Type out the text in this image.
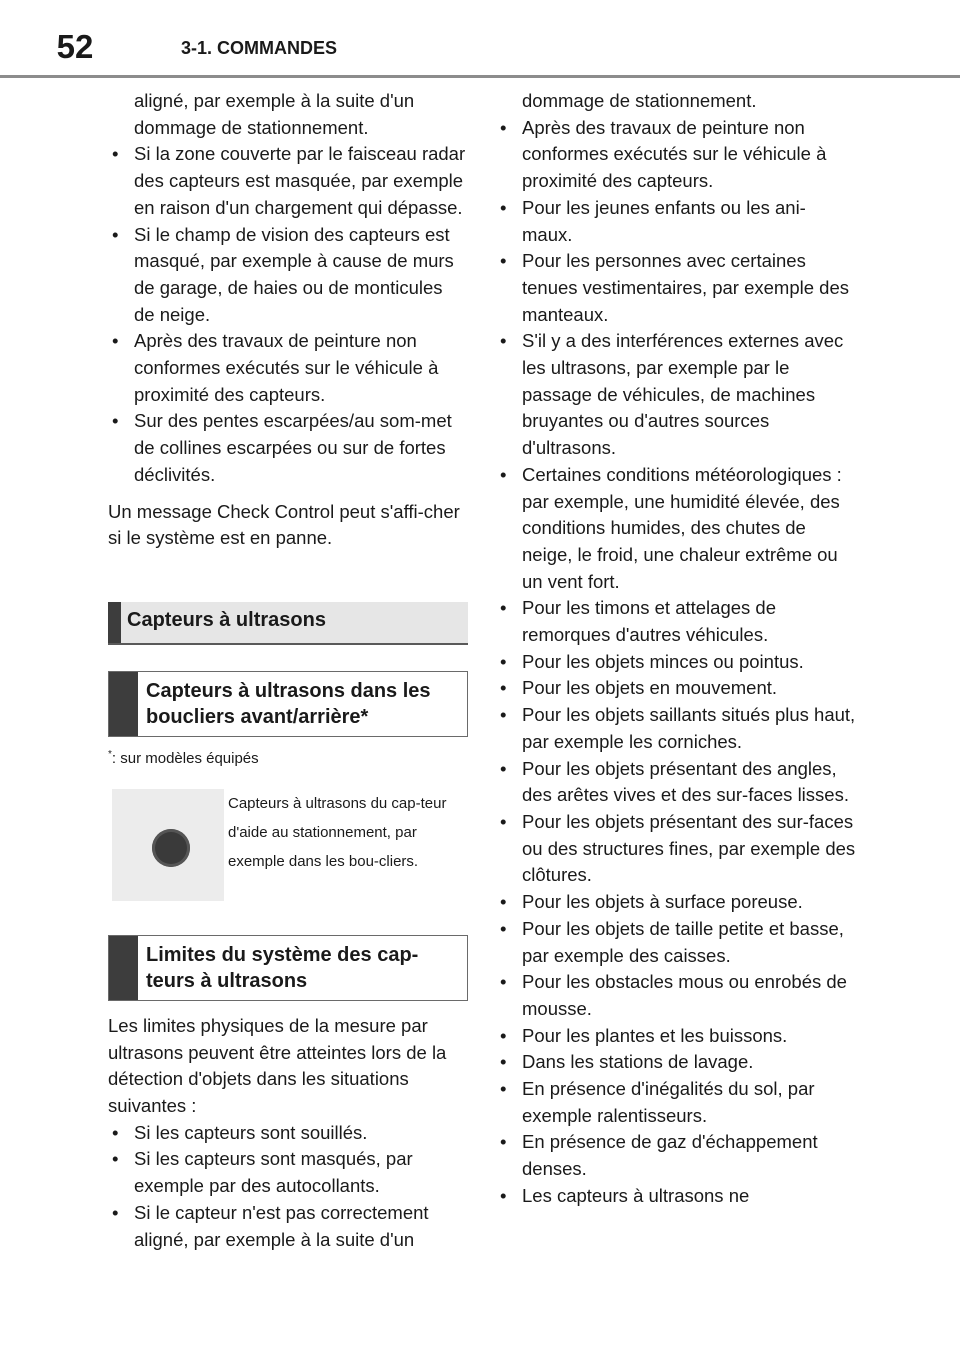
52	3-1. COMMANDES

aligné, par exemple à la suite d'un

dommage de stationnement.

• Si la zone couverte par le faisceau radar des capteurs est masquée, par exemple en raison d'un chargement qui dépasse.
• Si le champ de vision des capteurs est masqué, par exemple à cause de murs de garage, de haies ou de monticules de neige.
• Après des travaux de peinture non conformes exécutés sur le véhicule à proximité des capteurs.
• Sur des pentes escarpées/au som-met de collines escarpées ou sur de fortes déclivités.

Un message Check Control peut s'affi-cher si le système est en panne.

Capteurs à ultrasons
Capteurs à ultrasons dans les boucliers avant/arrière*
*: sur modèles équipés
Capteurs à ultrasons du cap-teur d'aide au stationnement, par exemple dans les bou-cliers.
Limites du système des cap-teurs à ultrasons

Les limites physiques de la mesure par ultrasons peuvent être atteintes lors de la détection d'objets dans les situations suivantes :

• Si les capteurs sont souillés.
• Si les capteurs sont masqués, par exemple par des autocollants.
• Si le capteur n'est pas correctement aligné, par exemple à la suite d'un

dommage de stationnement.

• Après des travaux de peinture non conformes exécutés sur le véhicule à proximité des capteurs.
• Pour les jeunes enfants ou les ani-maux.
• Pour les personnes avec certaines tenues vestimentaires, par exemple des manteaux.
• S'il y a des interférences externes avec les ultrasons, par exemple par le passage de véhicules, de machines bruyantes ou d'autres sources d'ultrasons.
• Certaines conditions météorologiques : par exemple, une humidité élevée, des conditions humides, des chutes de neige, le froid, une chaleur extrême ou un vent fort.
• Pour les timons et attelages de remorques d'autres véhicules.
• Pour les objets minces ou pointus.
• Pour les objets en mouvement.
• Pour les objets saillants situés plus haut, par exemple les corniches.
• Pour les objets présentant des angles, des arêtes vives et des sur-faces lisses.
• Pour les objets présentant des sur-faces ou des structures fines, par exemple des clôtures.
• Pour les objets à surface poreuse.
• Pour les objets de taille petite et basse, par exemple des caisses.
• Pour les obstacles mous ou enrobés de mousse.
• Pour les plantes et les buissons.
• Dans les stations de lavage.
• En présence d'inégalités du sol, par exemple ralentisseurs.
• En présence de gaz d'échappement denses.
• Les capteurs à ultrasons ne
